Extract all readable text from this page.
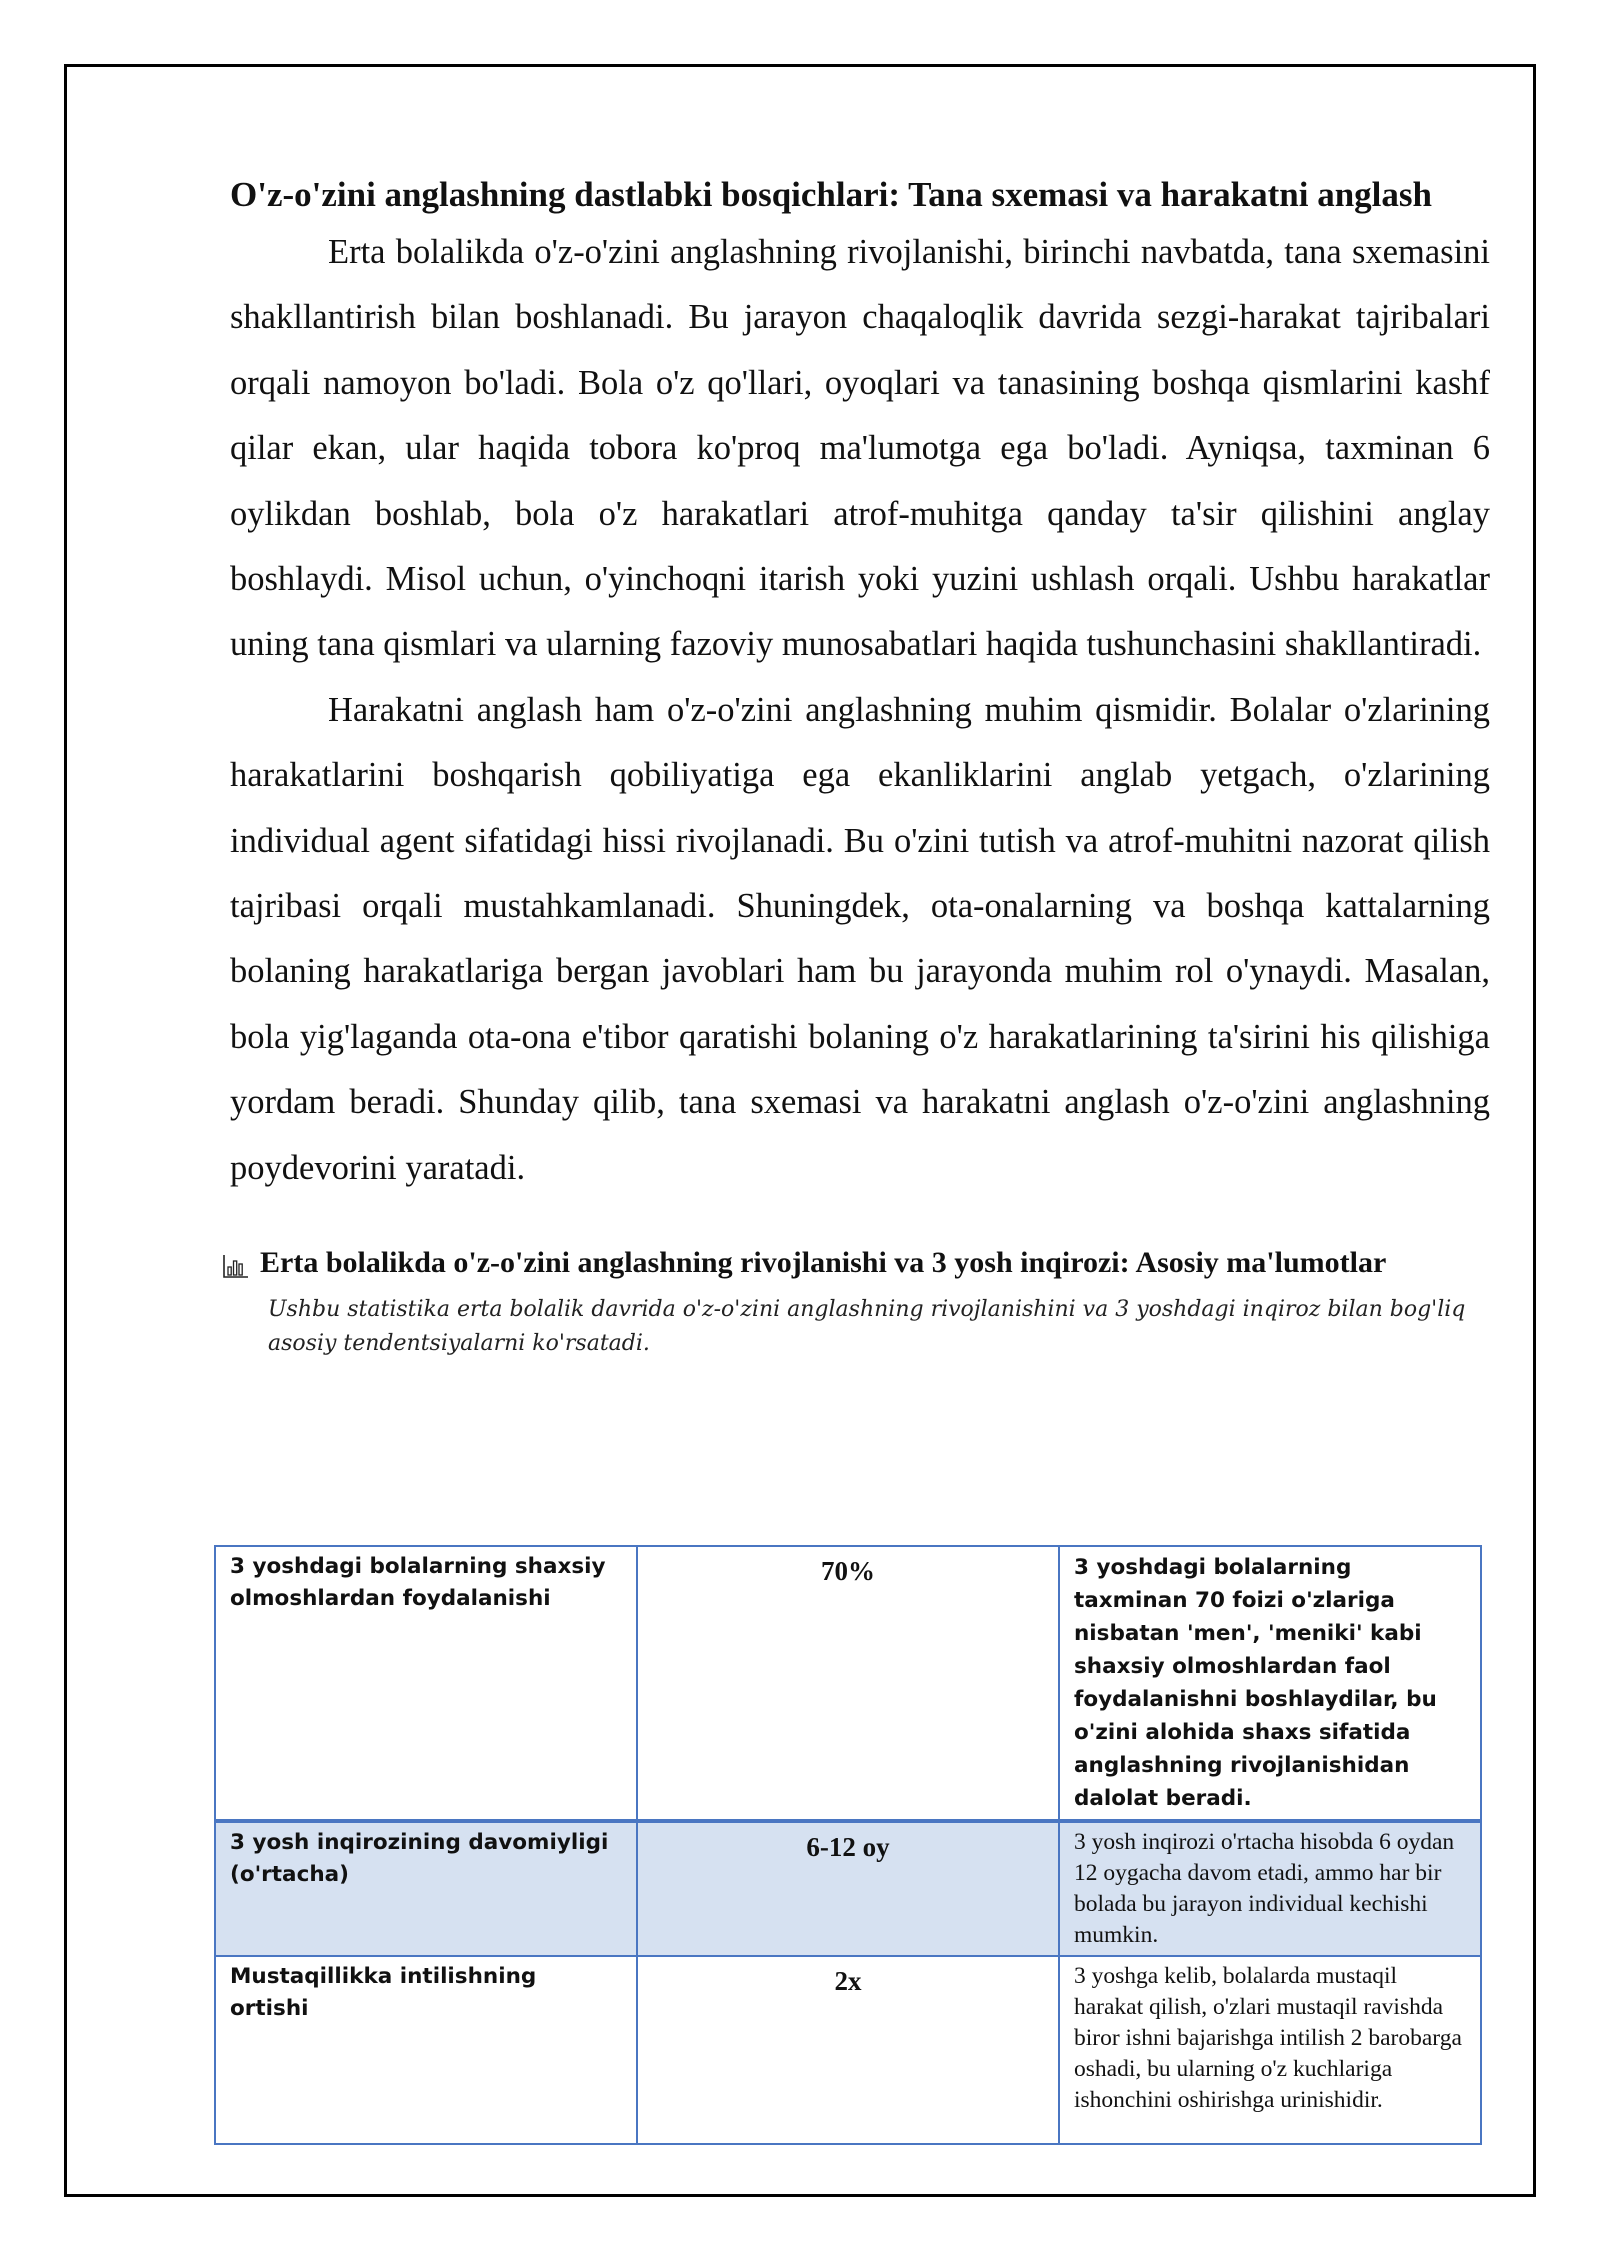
O'z-o'zini anglashning dastlabki bosqichlari: Tana sxemasi va harakatni anglash

Erta bolalikda o'z-o'zini anglashning rivojlanishi, birinchi navbatda, tana sxemasini shakllantirish bilan boshlanadi. Bu jarayon chaqaloqlik davrida sezgi-harakat tajribalari orqali namoyon bo'ladi. Bola o'z qo'llari, oyoqlari va tanasining boshqa qismlarini kashf qilar ekan, ular haqida tobora ko'proq ma'lumotga ega bo'ladi. Ayniqsa, taxminan 6 oylikdan boshlab, bola o'z harakatlari atrof-muhitga qanday ta'sir qilishini anglay boshlaydi. Misol uchun, o'yinchoqni itarish yoki yuzini ushlash orqali. Ushbu harakatlar uning tana qismlari va ularning fazoviy munosabatlari haqida tushunchasini shakllantiradi.

Harakatni anglash ham o'z-o'zini anglashning muhim qismidir. Bolalar o'zlarining harakatlarini boshqarish qobiliyatiga ega ekanliklarini anglab yetgach, o'zlarining individual agent sifatidagi hissi rivojlanadi. Bu o'zini tutish va atrof-muhitni nazorat qilish tajribasi orqali mustahkamlanadi. Shuningdek, ota-onalarning va boshqa kattalarning bolaning harakatlariga bergan javoblari ham bu jarayonda muhim rol o'ynaydi. Masalan, bola yig'laganda ota-ona e'tibor qaratishi bolaning o'z harakatlarining ta'sirini his qilishiga yordam beradi. Shunday qilib, tana sxemasi va harakatni anglash o'z-o'zini anglashning poydevorini yaratadi.

Erta bolalikda o'z-o'zini anglashning rivojlanishi va 3 yosh inqirozi: Asosiy ma'lumotlar
Ushbu statistika erta bolalik davrida o'z-o'zini anglashning rivojlanishini va 3 yoshdagi inqiroz bilan bog'liq asosiy tendentsiyalarni ko'rsatadi.
3 yoshdagi bolalarning shaxsiy olmoshlardan foydalanishi	70%	3 yoshdagi bolalarning taxminan 70 foizi o'zlariga nisbatan 'men', 'meniki' kabi shaxsiy olmoshlardan faol foydalanishni boshlaydilar, bu o'zini alohida shaxs sifatida anglashning rivojlanishidan dalolat beradi.
3 yosh inqirozining davomiyligi (o'rtacha)	6-12 oy	3 yosh inqirozi o'rtacha hisobda 6 oydan 12 oygacha davom etadi, ammo har bir bolada bu jarayon individual kechishi mumkin.
Mustaqillikka intilishning ortishi	2x	3 yoshga kelib, bolalarda mustaqil harakat qilish, o'zlari mustaqil ravishda biror ishni bajarishga intilish 2 barobarga oshadi, bu ularning o'z kuchlariga ishonchini oshirishga urinishidir.
